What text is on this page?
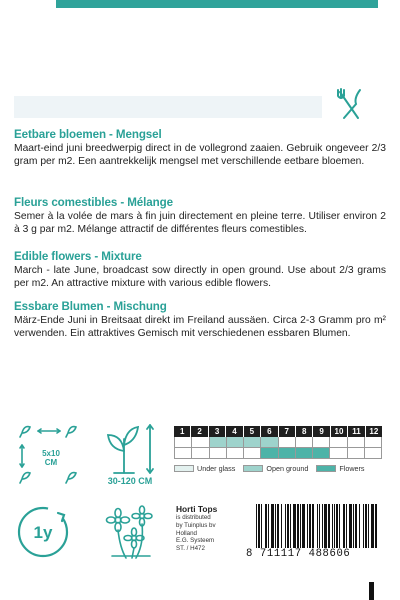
Eetbare bloemen - Mengsel
Maart-eind juni breedwerpig direct in de vollegrond zaaien. Gebruik ongeveer 2/3 gram per m2. Een aantrekkelijk mengsel met verschillende eetbare bloemen.
Fleurs comestibles - Mélange
Semer à la volée de mars à fin juin directement en pleine terre. Utiliser environ 2 à 3 g par m2. Mélange attractif de différentes fleurs comestibles.
Edible flowers - Mixture
March - late June, broadcast sow directly in open ground. Use about 2/3 grams per m2. An attractive mixture with various edible flowers.
Essbare Blumen - Mischung
März-Ende Juni in Breitsaat direkt im Freiland aussäen. Circa 2-3 Gramm pro m² verwenden. Ein attraktives Gemisch mit verschiedenen essbaren Blumen.
5x10
CM
30-120 CM
1	2	3	4	5	6	7	8	9	10	11	12
Under glass	Open ground	Flowers
1y
Horti Tops
is distributed
by Tuinplus bv
Holland
E.G. Systeem
ST. / H472	8 711117 488606
